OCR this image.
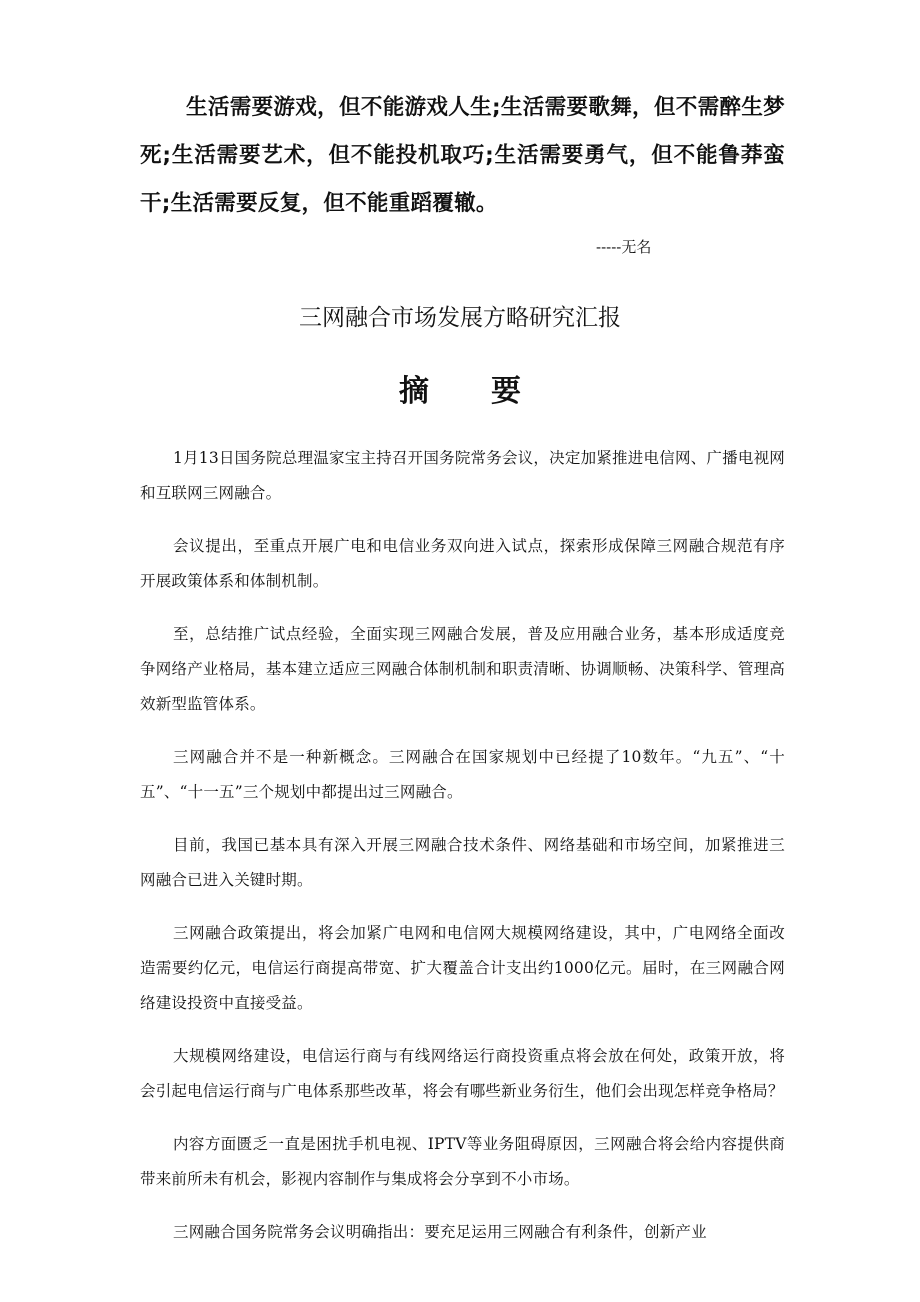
生活需要游戏，但不能游戏人生;生活需要歌舞，但不需醉生梦死;生活需要艺术，但不能投机取巧;生活需要勇气，但不能鲁莽蛮干;生活需要反复，但不能重蹈覆辙。

-----无名
三网融合市场发展方略研究汇报
摘要

1月13日国务院总理温家宝主持召开国务院常务会议，决定加紧推进电信网、广播电视网和互联网三网融合。

会议提出，至重点开展广电和电信业务双向进入试点，探索形成保障三网融合规范有序开展政策体系和体制机制。

至，总结推广试点经验，全面实现三网融合发展，普及应用融合业务，基本形成适度竞争网络产业格局，基本建立适应三网融合体制机制和职责清晰、协调顺畅、决策科学、管理高效新型监管体系。

三网融合并不是一种新概念。三网融合在国家规划中已经提了10数年。“九五”、“十五”、“十一五”三个规划中都提出过三网融合。

目前，我国已基本具有深入开展三网融合技术条件、网络基础和市场空间，加紧推进三网融合已进入关键时期。

三网融合政策提出，将会加紧广电网和电信网大规模网络建设，其中，广电网络全面改造需要约亿元，电信运行商提高带宽、扩大覆盖合计支出约1000亿元。届时，在三网融合网络建设投资中直接受益。

大规模网络建设，电信运行商与有线网络运行商投资重点将会放在何处，政策开放，将会引起电信运行商与广电体系那些改革，将会有哪些新业务衍生，他们会出现怎样竞争格局？

内容方面匮乏一直是困扰手机电视、IPTV等业务阻碍原因，三网融合将会给内容提供商带来前所未有机会，影视内容制作与集成将会分享到不小市场。

三网融合国务院常务会议明确指出：要充足运用三网融合有利条件，创新产业
